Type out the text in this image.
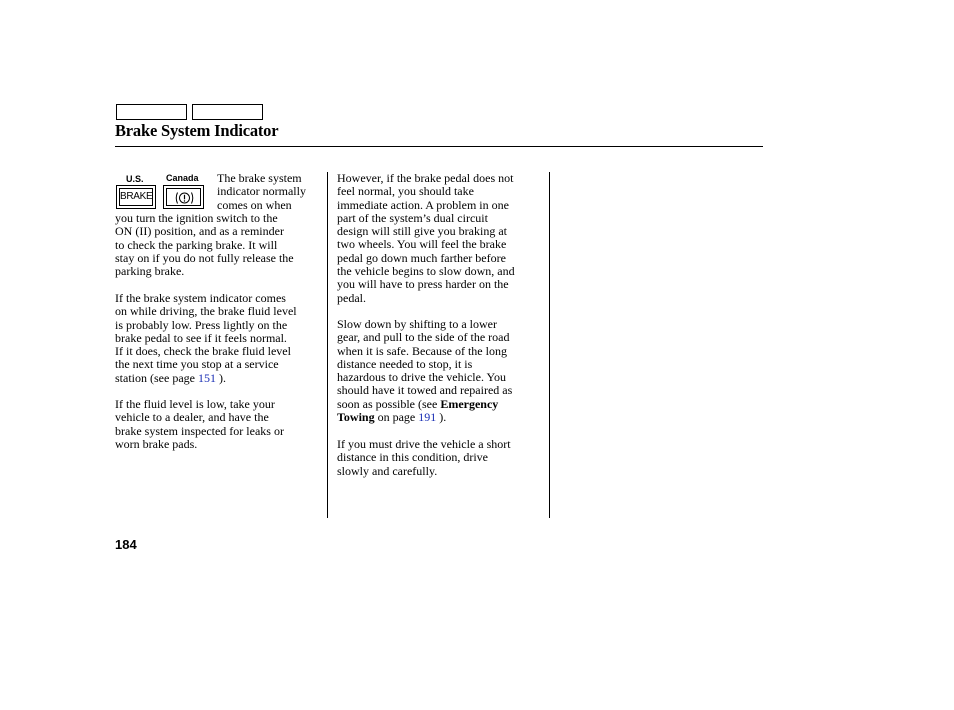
Brake System Indicator
U.S. Canada
BRAKE

The brake system
indicator normally
comes on when

you turn the ignition switch to the
ON (II) position, and as a reminder
to check the parking brake. It will
stay on if you do not fully release the
parking brake.

If the brake system indicator comes
on while driving, the brake fluid level
is probably low. Press lightly on the
brake pedal to see if it feels normal.
If it does, check the brake fluid level
the next time you stop at a service
station (see page 151 ).

If the fluid level is low, take your
vehicle to a dealer, and have the
brake system inspected for leaks or
worn brake pads.

However, if the brake pedal does not
feel normal, you should take
immediate action. A problem in one
part of the system’s dual circuit
design will still give you braking at
two wheels. You will feel the brake
pedal go down much farther before
the vehicle begins to slow down, and
you will have to press harder on the
pedal.

Slow down by shifting to a lower
gear, and pull to the side of the road
when it is safe. Because of the long
distance needed to stop, it is
hazardous to drive the vehicle. You
should have it towed and repaired as
soon as possible (see Emergency
Towing on page 191 ).

If you must drive the vehicle a short
distance in this condition, drive
slowly and carefully.

184
